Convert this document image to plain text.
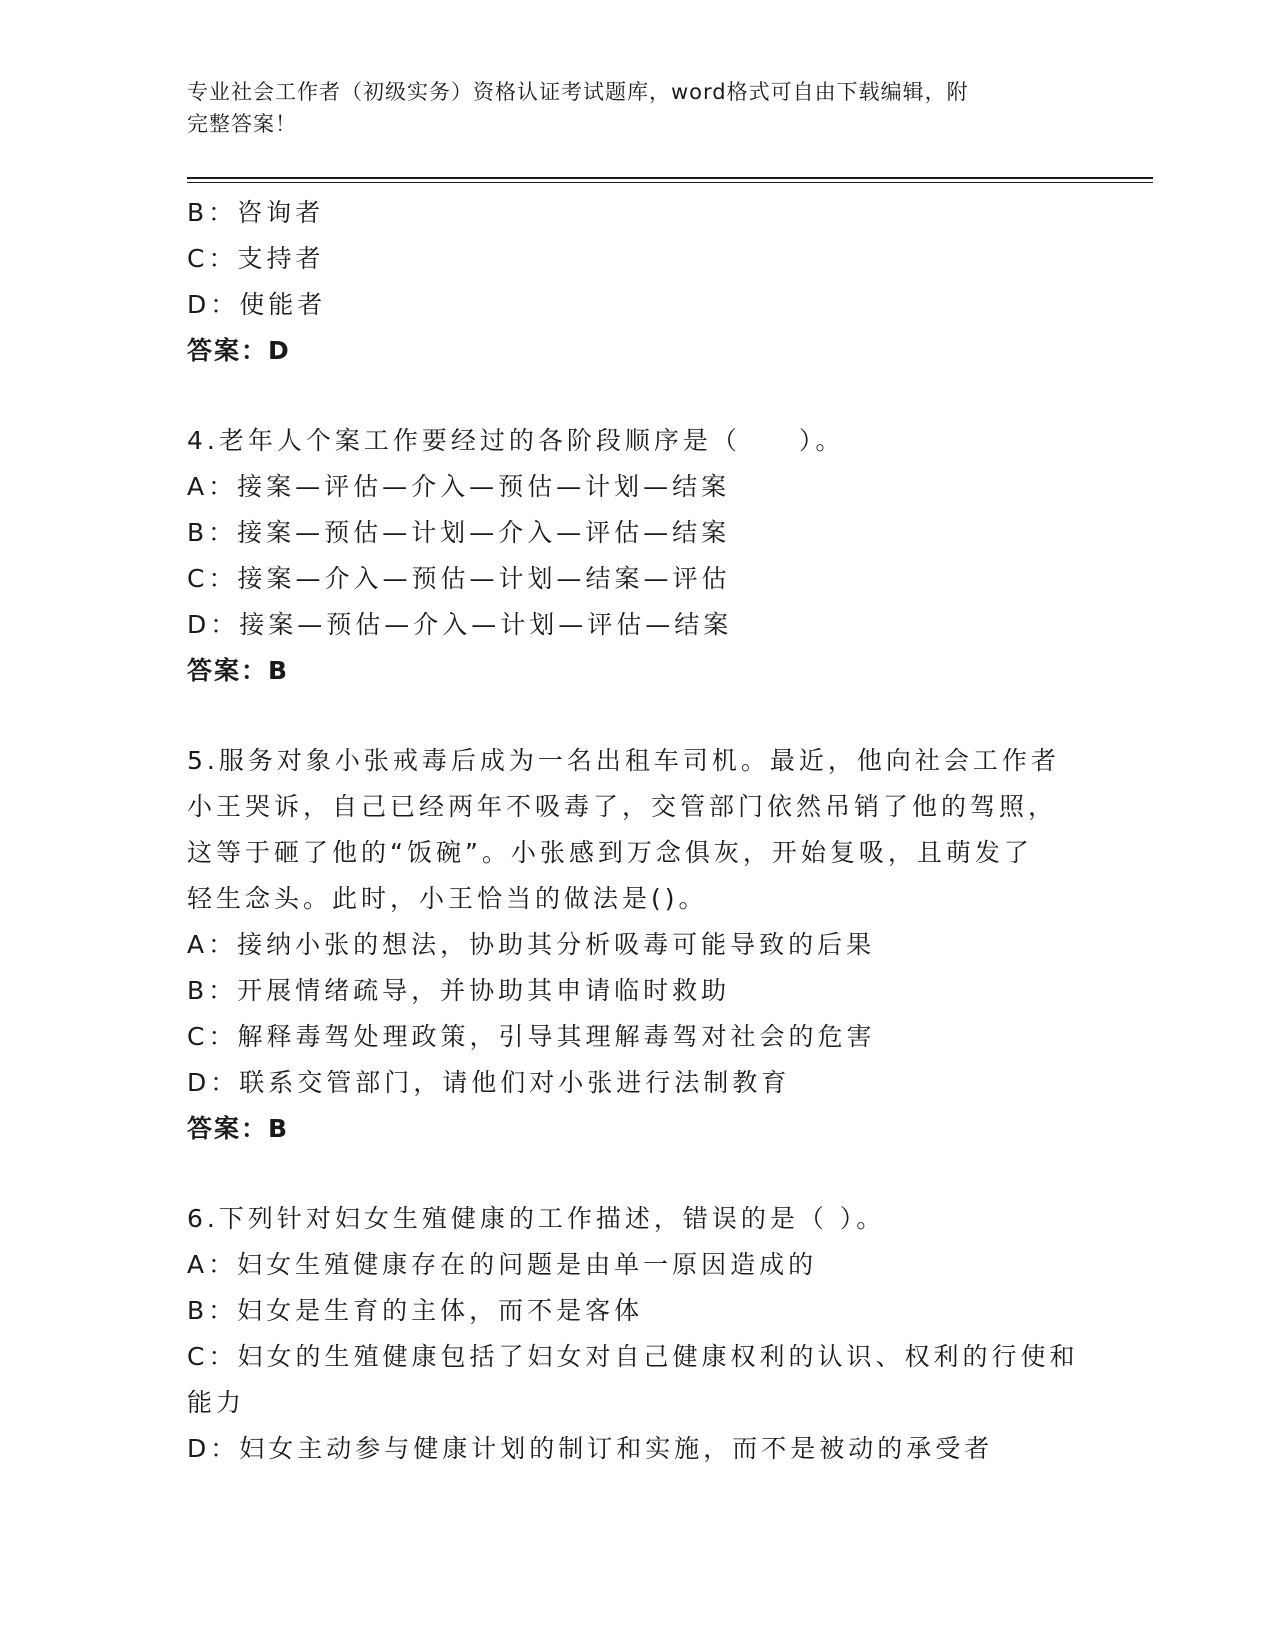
专业社会工作者（初级实务）资格认证考试题库，word格式可自由下载编辑，附
完整答案！
B：咨询者
C：支持者
D：使能者
答案：D
4.老年人个案工作要经过的各阶段顺序是（　　）。
A：接案—评估—介入—预估—计划—结案
B：接案—预估—计划—介入—评估—结案
C：接案—介入—预估—计划—结案—评估
D：接案—预估—介入—计划—评估—结案
答案：B
5.服务对象小张戒毒后成为一名出租车司机。最近，他向社会工作者
小王哭诉，自己已经两年不吸毒了，交管部门依然吊销了他的驾照，
这等于砸了他的“饭碗”。小张感到万念俱灰，开始复吸，且萌发了
轻生念头。此时，小王恰当的做法是()。
A：接纳小张的想法，协助其分析吸毒可能导致的后果
B：开展情绪疏导，并协助其申请临时救助
C：解释毒驾处理政策，引导其理解毒驾对社会的危害
D：联系交管部门，请他们对小张进行法制教育
答案：B
6.下列针对妇女生殖健康的工作描述，错误的是（ ）。
A：妇女生殖健康存在的问题是由单一原因造成的
B：妇女是生育的主体，而不是客体
C：妇女的生殖健康包括了妇女对自己健康权利的认识、权利的行使和
能力
D：妇女主动参与健康计划的制订和实施，而不是被动的承受者
